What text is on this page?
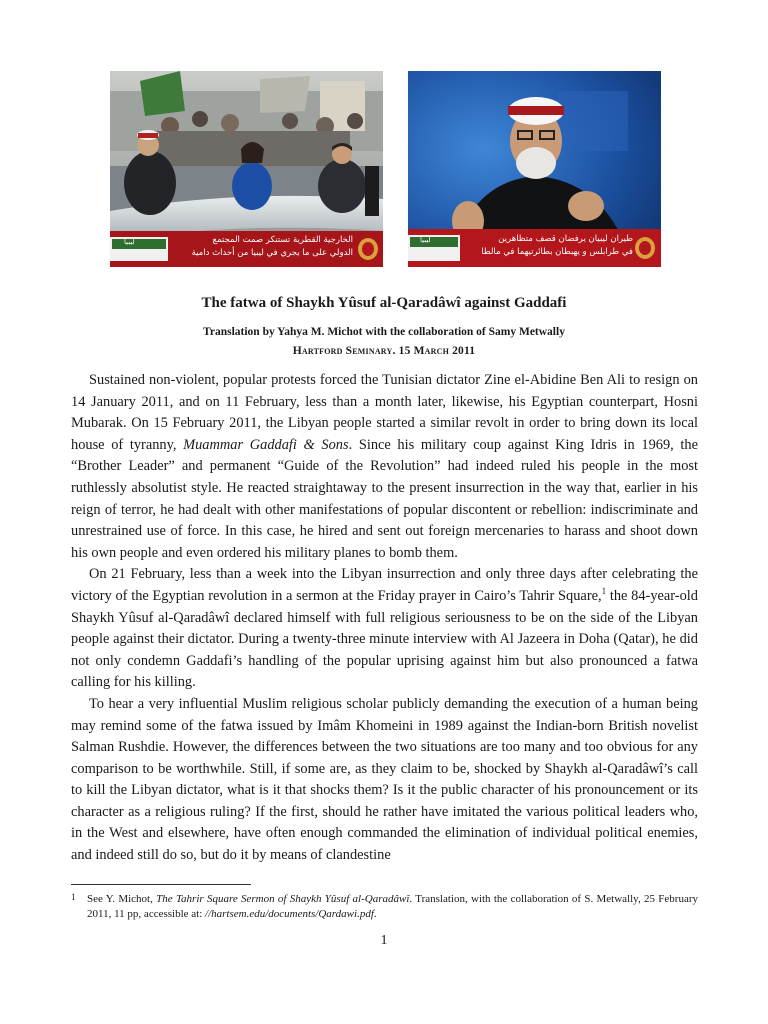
ليبيا	الخارجية القطرية تستنكر صمت المجتمع
الدولي على ما يجري في ليبيا من أحداث دامية
ليبيا	طيران ليبيان يرفضان قصف متظاهرين
في طرابلس و يهبطان بطائرتيهما في مالطا
The fatwa of Shaykh Yûsuf al-Qaradâwî against Gaddafi
Translation by Yahya M. Michot with the collaboration of Samy Metwally
Hartford Seminary. 15 March 2011

Sustained non-violent, popular protests forced the Tunisian dictator Zine el-Abidine Ben Ali to resign on 14 January 2011, and on 11 February, less than a month later, likewise, his Egyptian counterpart, Hosni Mubarak. On 15 February 2011, the Libyan people started a similar revolt in order to bring down its local house of tyranny, Muammar Gaddafi & Sons. Since his military coup against King Idris in 1969, the “Brother Leader” and permanent “Guide of the Revolution” had indeed ruled his people in the most ruthlessly absolutist style. He reacted straightaway to the present insurrection in the way that, earlier in his reign of terror, he had dealt with other manifestations of popular discontent or rebellion: indiscriminate and unrestrained use of force. In this case, he hired and sent out foreign mercenaries to harass and shoot down his own people and even ordered his military planes to bomb them.

On 21 February, less than a week into the Libyan insurrection and only three days after celebrating the victory of the Egyptian revolution in a sermon at the Friday prayer in Cairo’s Tahrir Square,$^1$ the 84-year-old Shaykh Yûsuf al-Qaradâwî declared himself with full religious seriousness to be on the side of the Libyan people against their dictator. During a twenty-three minute interview with Al Jazeera in Doha (Qatar), he did not only condemn Gaddafi’s handling of the popular uprising against him but also pronounced a fatwa calling for his killing.

To hear a very influential Muslim religious scholar publicly demanding the execution of a human being may remind some of the fatwa issued by Imâm Khomeini in 1989 against the Indian-born British novelist Salman Rushdie. However, the differences between the two situations are too many and too obvious for any comparison to be worthwhile. Still, if some are, as they claim to be, shocked by Shaykh al-Qaradâwî’s call to kill the Libyan dictator, what is it that shocks them? Is it the public character of his pronouncement or its character as a religious ruling? If the first, should he rather have imitated the various political leaders who, in the West and elsewhere, have often enough commanded the elimination of individual political enemies, and indeed still do so, but do it by means of clandestine

1 See Y. Michot, The Tahrir Square Sermon of Shaykh Yûsuf al-Qaradâwî. Translation, with the collaboration of S. Metwally, 25 February 2011, 11 pp, accessible at: //hartsem.edu/documents/Qardawi.pdf.
1
